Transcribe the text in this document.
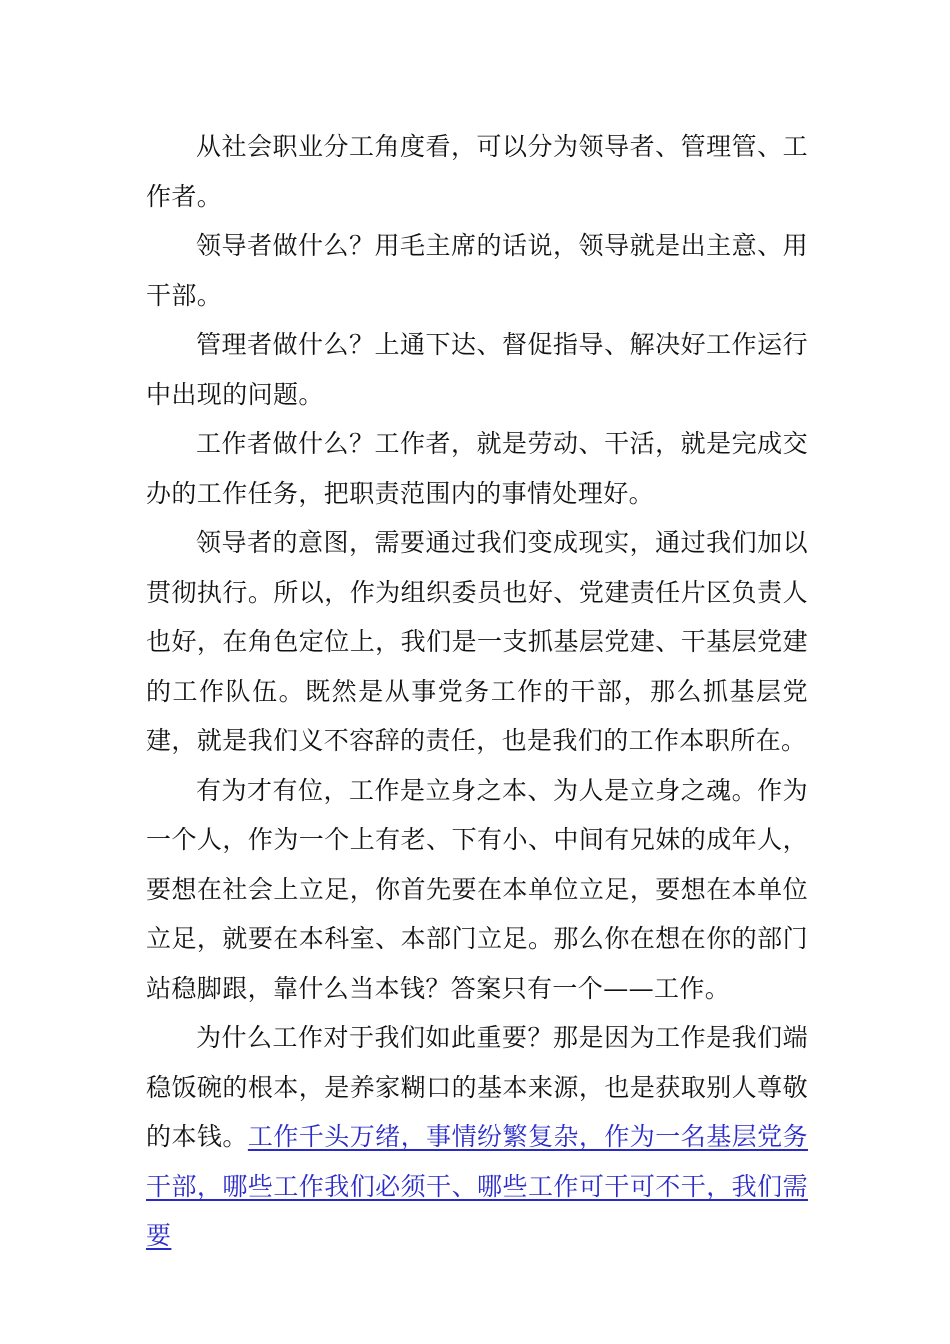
从社会职业分工角度看，可以分为领导者、管理管、工作者。

领导者做什么？用毛主席的话说，领导就是出主意、用干部。

管理者做什么？上通下达、督促指导、解决好工作运行中出现的问题。

工作者做什么？工作者，就是劳动、干活，就是完成交办的工作任务，把职责范围内的事情处理好。

领导者的意图，需要通过我们变成现实，通过我们加以贯彻执行。所以，作为组织委员也好、党建责任片区负责人也好，在角色定位上，我们是一支抓基层党建、干基层党建的工作队伍。既然是从事党务工作的干部，那么抓基层党建，就是我们义不容辞的责任，也是我们的工作本职所在。

有为才有位，工作是立身之本、为人是立身之魂。作为一个人，作为一个上有老、下有小、中间有兄妹的成年人，要想在社会上立足，你首先要在本单位立足，要想在本单位立足，就要在本科室、本部门立足。那么你在想在你的部门站稳脚跟，靠什么当本钱？答案只有一个——工作。

为什么工作对于我们如此重要？那是因为工作是我们端稳饭碗的根本，是养家糊口的基本来源，也是获取别人尊敬的本钱。工作千头万绪，事情纷繁复杂，作为一名基层党务干部，哪些工作我们必须干、哪些工作可干可不干，我们需要
